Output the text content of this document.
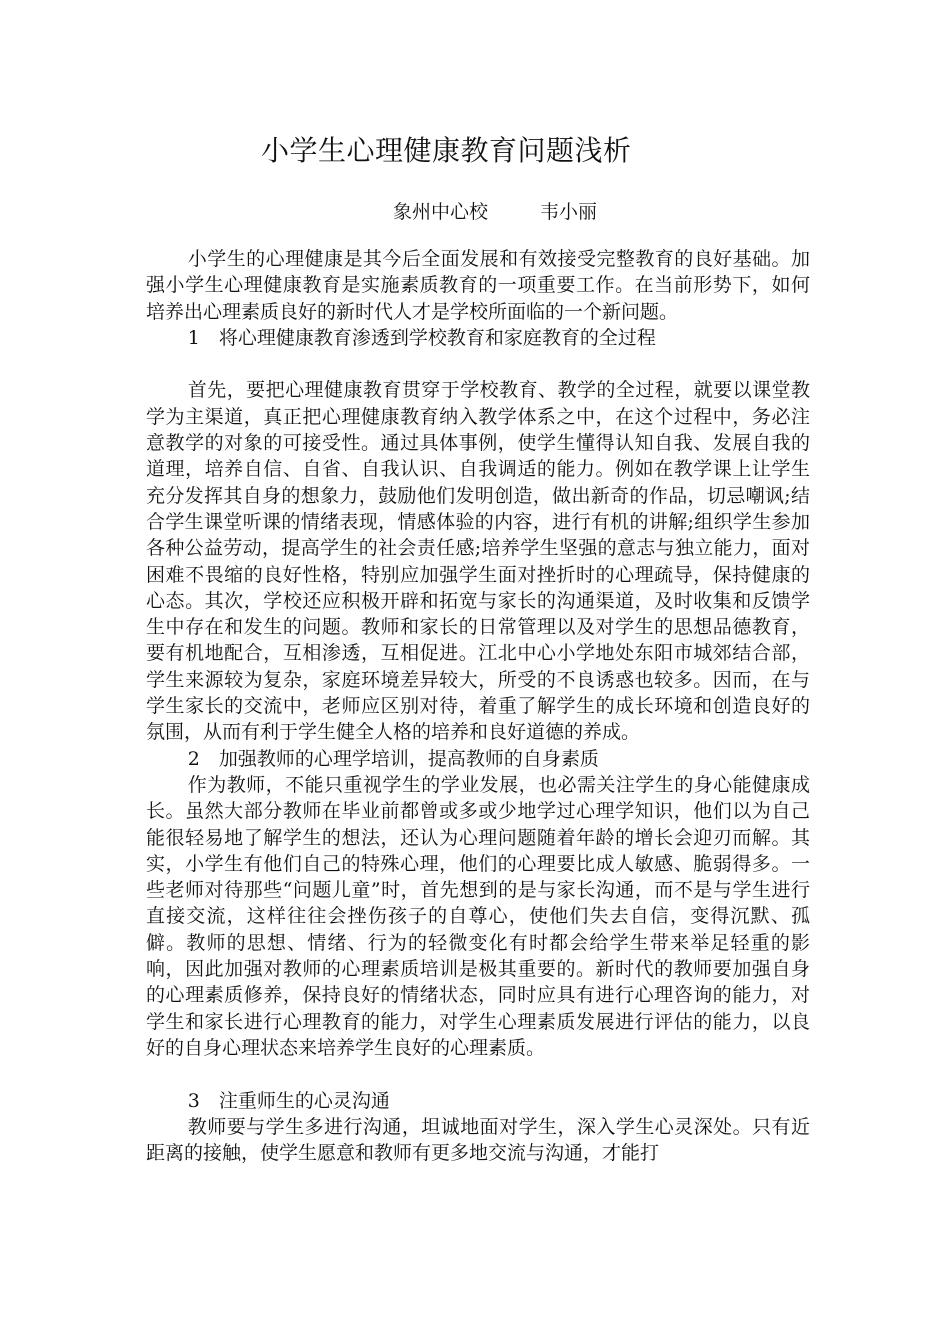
小学生心理健康教育问题浅析
象州中心校	韦小丽

小学生的心理健康是其今后全面发展和有效接受完整教育的良好基础。加强小学生心理健康教育是实施素质教育的一项重要工作。在当前形势下，如何培养出心理素质良好的新时代人才是学校所面临的一个新问题。

1　将心理健康教育渗透到学校教育和家庭教育的全过程

首先，要把心理健康教育贯穿于学校教育、教学的全过程，就要以课堂教学为主渠道，真正把心理健康教育纳入教学体系之中，在这个过程中，务必注意教学的对象的可接受性。通过具体事例，使学生懂得认知自我、发展自我的道理，培养自信、自省、自我认识、自我调适的能力。例如在教学课上让学生充分发挥其自身的想象力，鼓励他们发明创造，做出新奇的作品，切忌嘲讽;结合学生课堂听课的情绪表现，情感体验的内容，进行有机的讲解;组织学生参加各种公益劳动，提高学生的社会责任感;培养学生坚强的意志与独立能力，面对困难不畏缩的良好性格，特别应加强学生面对挫折时的心理疏导，保持健康的心态。其次，学校还应积极开辟和拓宽与家长的沟通渠道，及时收集和反馈学生中存在和发生的问题。教师和家长的日常管理以及对学生的思想品德教育，要有机地配合，互相渗透，互相促进。江北中心小学地处东阳市城郊结合部，学生来源较为复杂，家庭环境差异较大，所受的不良诱惑也较多。因而，在与学生家长的交流中，老师应区别对待，着重了解学生的成长环境和创造良好的氛围，从而有利于学生健全人格的培养和良好道德的养成。

2　加强教师的心理学培训，提高教师的自身素质

作为教师，不能只重视学生的学业发展，也必需关注学生的身心能健康成长。虽然大部分教师在毕业前都曾或多或少地学过心理学知识，他们以为自己能很轻易地了解学生的想法，还认为心理问题随着年龄的增长会迎刃而解。其实，小学生有他们自己的特殊心理，他们的心理要比成人敏感、脆弱得多。一些老师对待那些“问题儿童”时，首先想到的是与家长沟通，而不是与学生进行直接交流，这样往往会挫伤孩子的自尊心，使他们失去自信，变得沉默、孤僻。教师的思想、情绪、行为的轻微变化有时都会给学生带来举足轻重的影响，因此加强对教师的心理素质培训是极其重要的。新时代的教师要加强自身的心理素质修养，保持良好的情绪状态，同时应具有进行心理咨询的能力，对学生和家长进行心理教育的能力，对学生心理素质发展进行评估的能力，以良好的自身心理状态来培养学生良好的心理素质。

3　注重师生的心灵沟通

教师要与学生多进行沟通，坦诚地面对学生，深入学生心灵深处。只有近距离的接触，使学生愿意和教师有更多地交流与沟通，才能打
